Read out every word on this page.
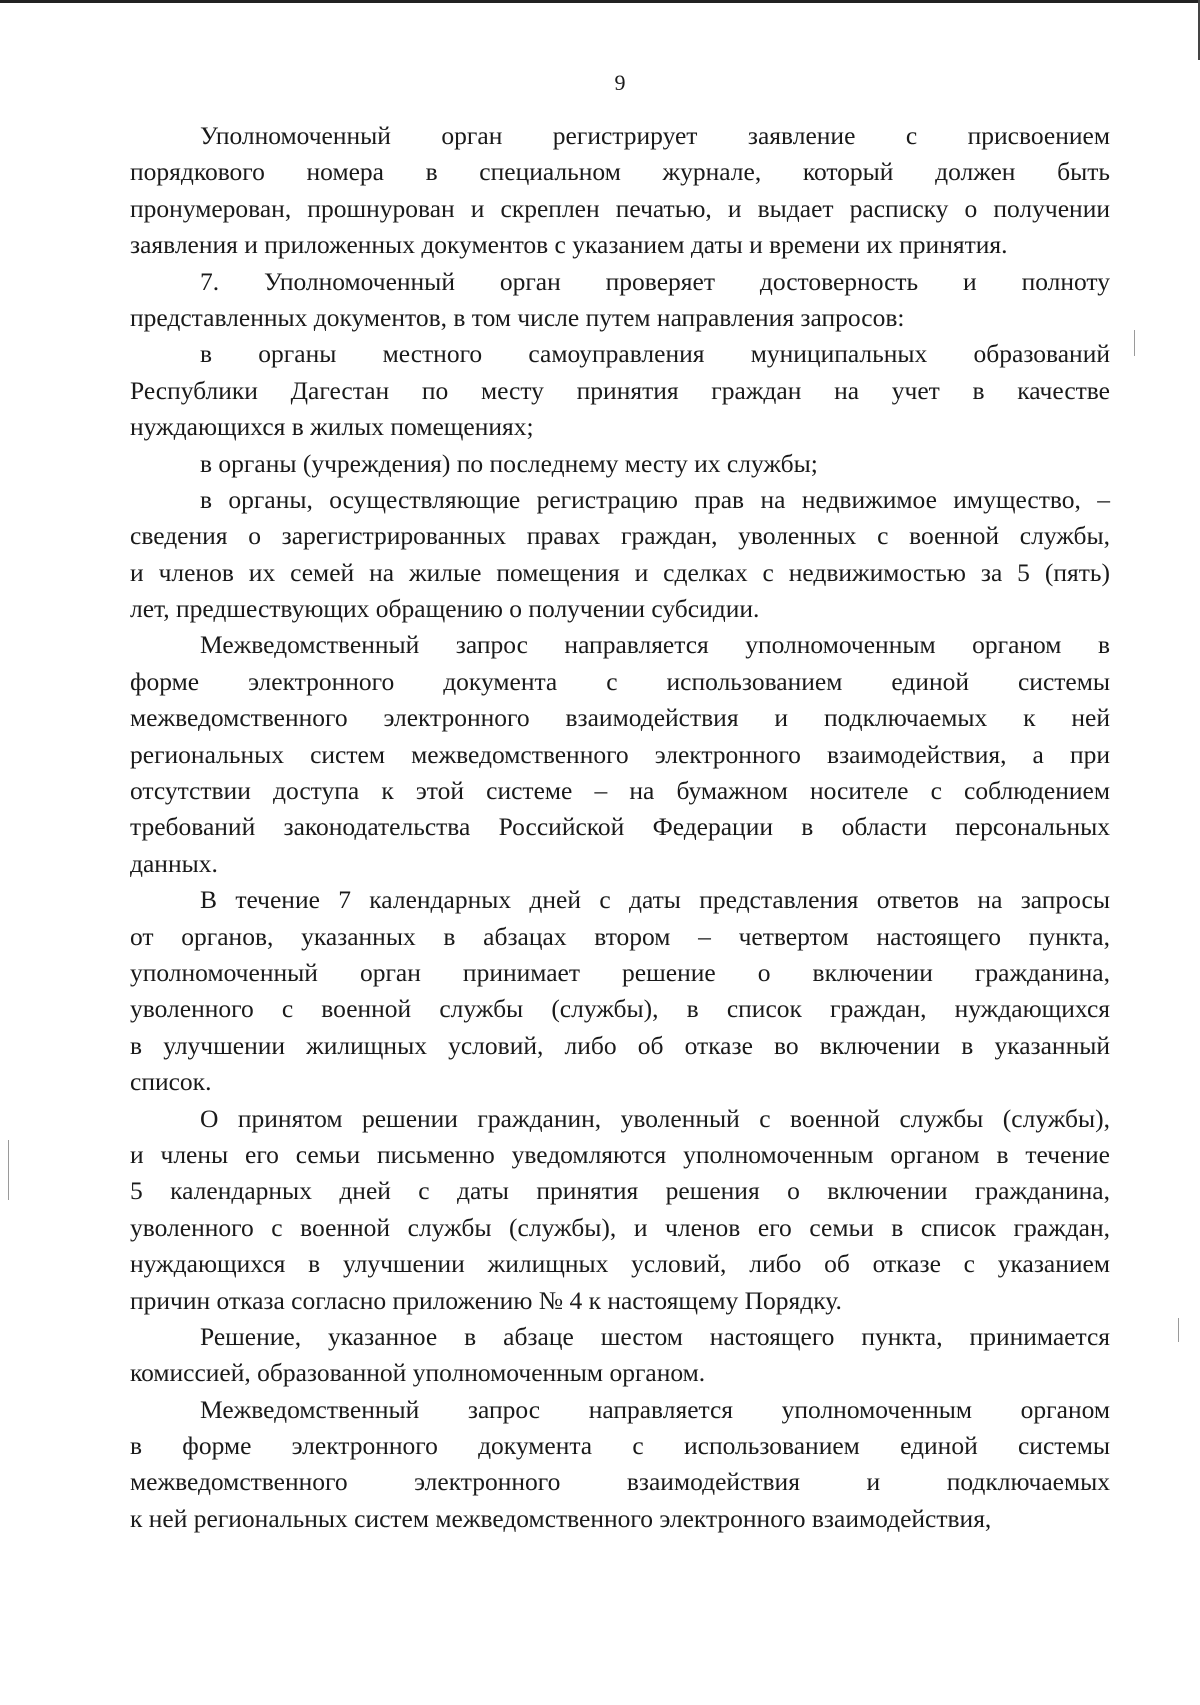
9
Уполномоченный орган регистрирует заявление с присвоением
порядкового номера в специальном журнале, который должен быть
пронумерован, прошнурован и скреплен печатью, и выдает расписку о получении
заявления и приложенных документов с указанием даты и времени их принятия.
7. Уполномоченный орган проверяет достоверность и полноту
представленных документов, в том числе путем направления запросов:
в органы местного самоуправления муниципальных образований
Республики Дагестан по месту принятия граждан на учет в качестве
нуждающихся в жилых помещениях;
в органы (учреждения) по последнему месту их службы;
в органы, осуществляющие регистрацию прав на недвижимое имущество, –
сведения о зарегистрированных правах граждан, уволенных с военной службы,
и членов их семей на жилые помещения и сделках с недвижимостью за 5 (пять)
лет, предшествующих обращению о получении субсидии.
Межведомственный запрос направляется уполномоченным органом в
форме электронного документа с использованием единой системы
межведомственного электронного взаимодействия и подключаемых к ней
региональных систем межведомственного электронного взаимодействия, а при
отсутствии доступа к этой системе – на бумажном носителе с соблюдением
требований законодательства Российской Федерации в области персональных
данных.
В течение 7 календарных дней с даты представления ответов на запросы
от органов, указанных в абзацах втором – четвертом настоящего пункта,
уполномоченный орган принимает решение о включении гражданина,
уволенного с военной службы (службы), в список граждан, нуждающихся
в улучшении жилищных условий, либо об отказе во включении в указанный
список.
О принятом решении гражданин, уволенный с военной службы (службы),
и члены его семьи письменно уведомляются уполномоченным органом в течение
5 календарных дней с даты принятия решения о включении гражданина,
уволенного с военной службы (службы), и членов его семьи в список граждан,
нуждающихся в улучшении жилищных условий, либо об отказе с указанием
причин отказа согласно приложению № 4 к настоящему Порядку.
Решение, указанное в абзаце шестом настоящего пункта, принимается
комиссией, образованной уполномоченным органом.
Межведомственный запрос направляется уполномоченным органом
в форме электронного документа с использованием единой системы
межведомственного электронного взаимодействия и подключаемых
к ней региональных систем межведомственного электронного взаимодействия,
